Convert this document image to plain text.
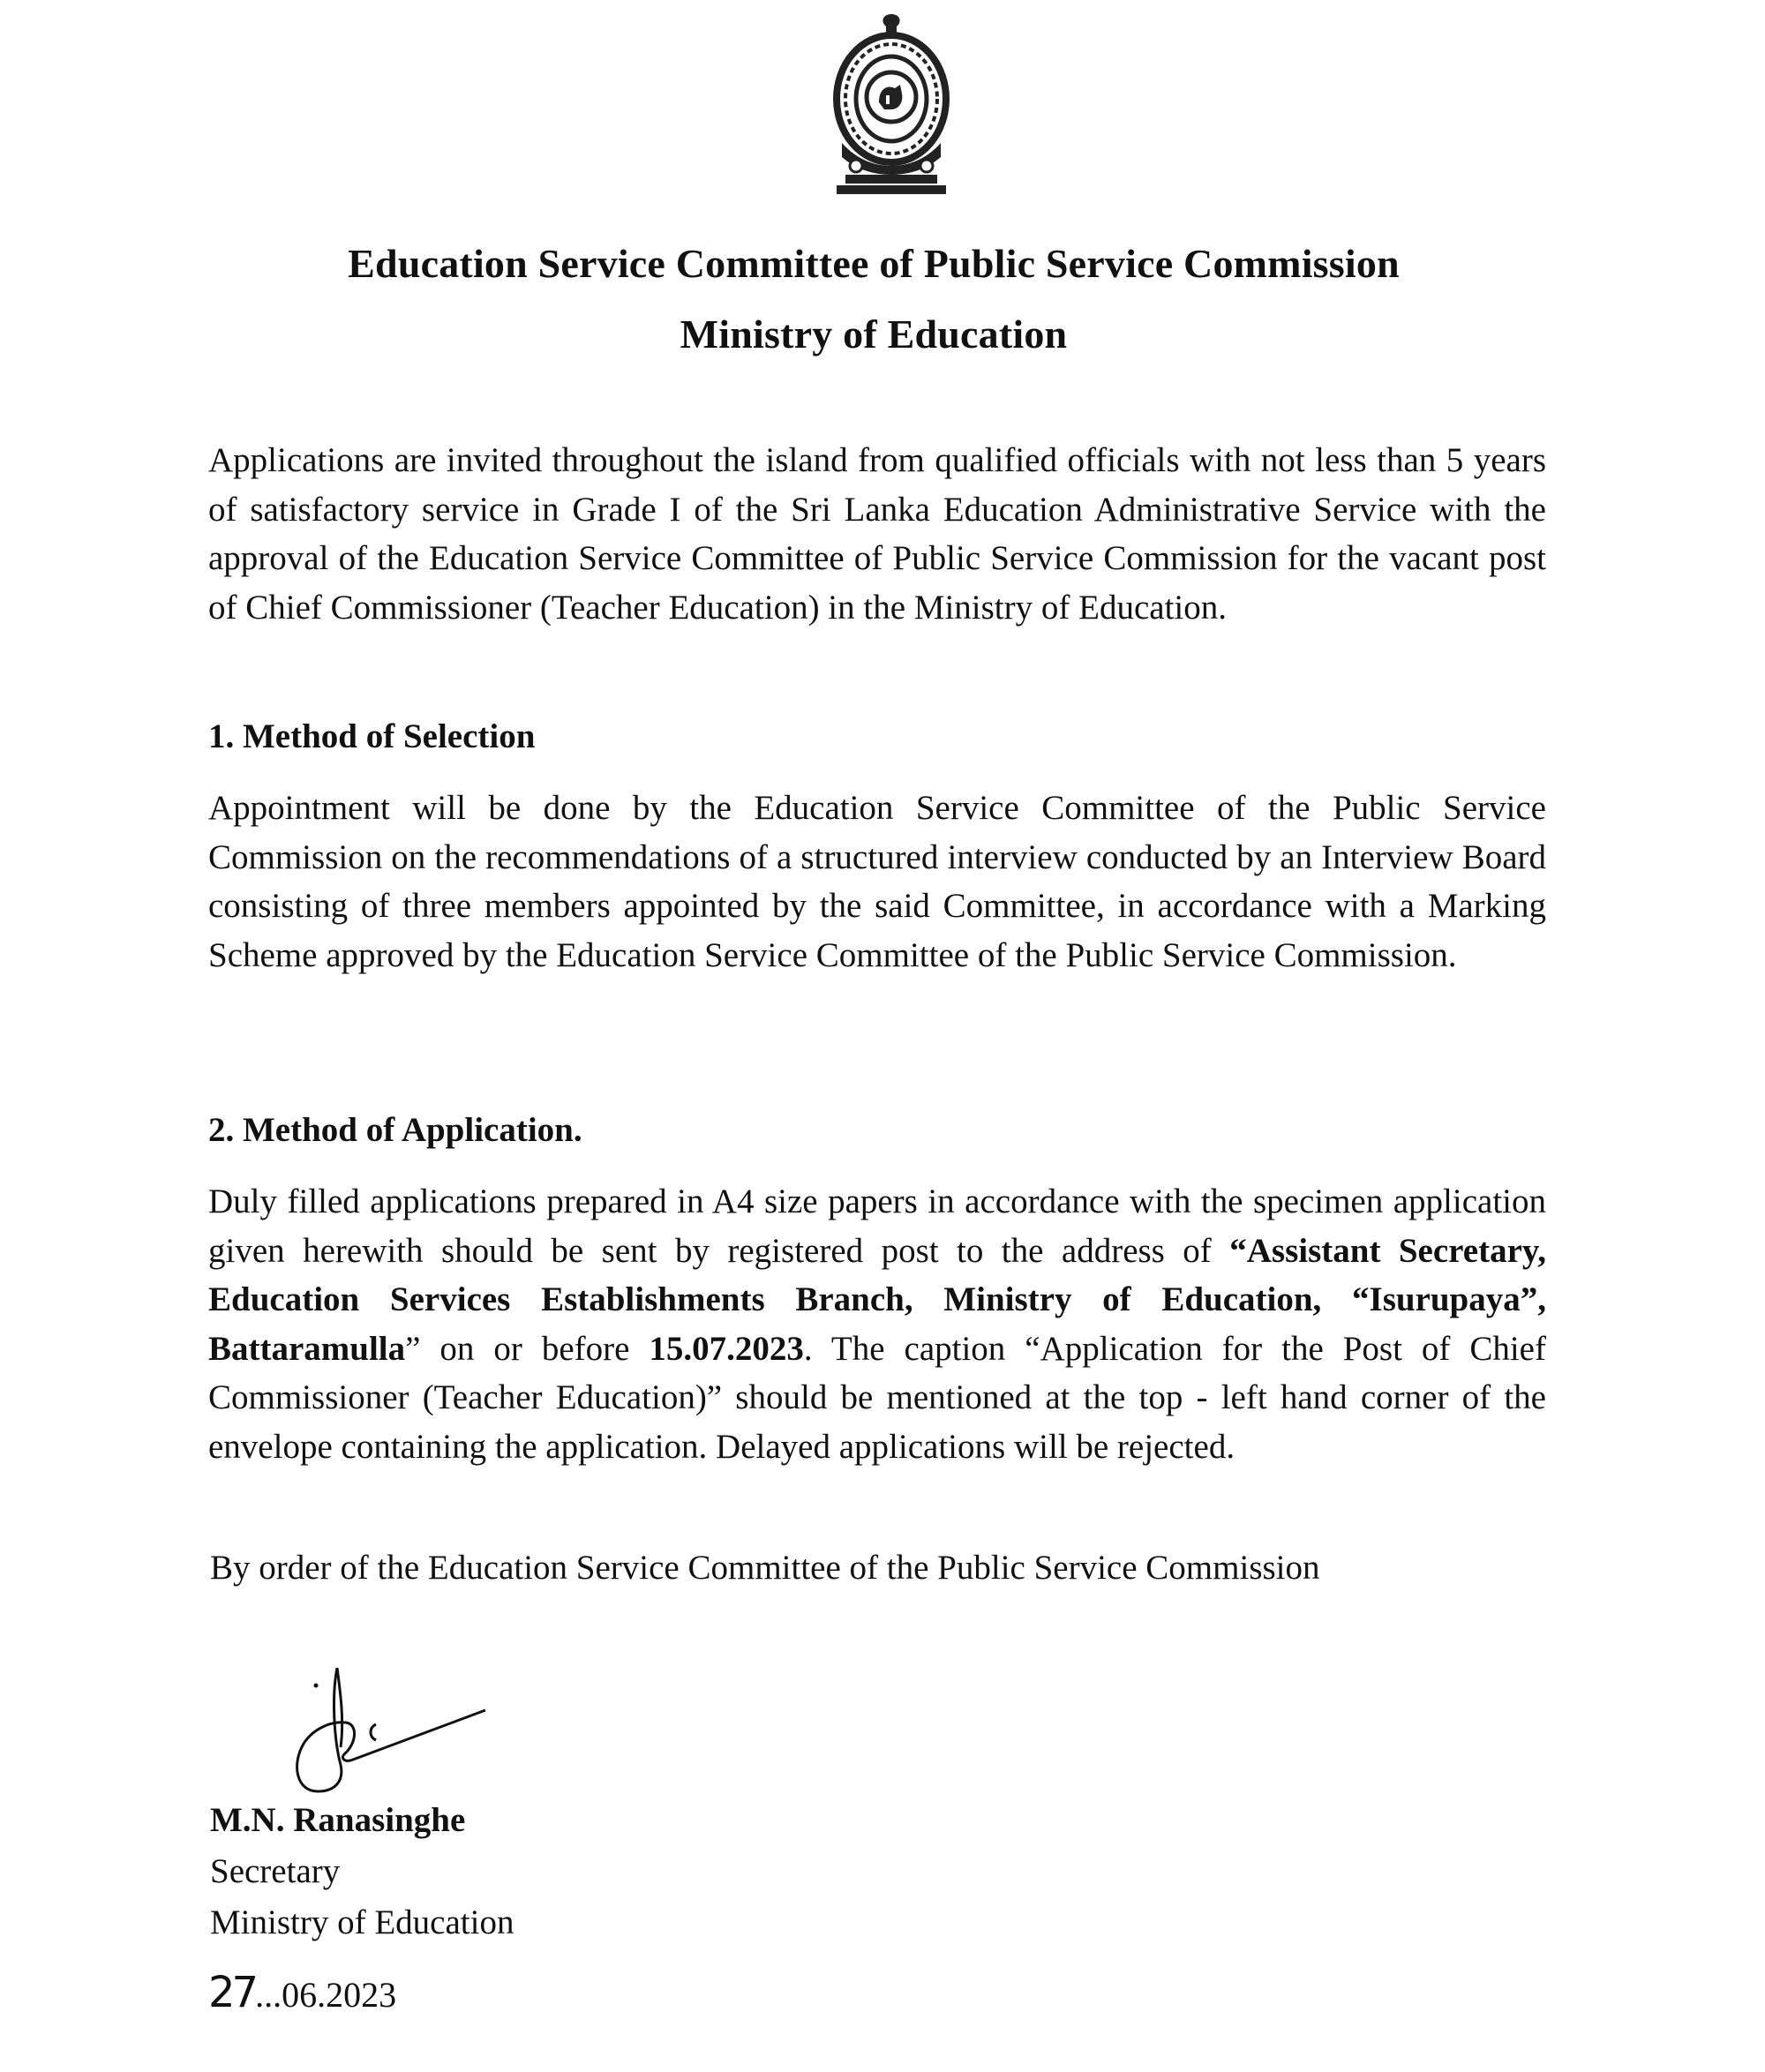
Education Service Committee of Public Service Commission
Ministry of Education

Applications are invited throughout the island from qualified officials with not less than 5 years of satisfactory service in Grade I of the Sri Lanka Education Administrative Service with the approval of the Education Service Committee of Public Service Commission for the vacant post of Chief Commissioner (Teacher Education) in the Ministry of Education.

1. Method of Selection

Appointment will be done by the Education Service Committee of the Public Service Commission on the recommendations of a structured interview conducted by an Interview Board consisting of three members appointed by the said Committee, in accordance with a Marking Scheme approved by the Education Service Committee of the Public Service Commission.

2. Method of Application.

Duly filled applications prepared in A4 size papers in accordance with the specimen application given herewith should be sent by registered post to the address of “Assistant Secretary, Education Services Establishments Branch, Ministry of Education, “Isurupaya”, Battaramulla” on or before 15.07.2023. The caption “Application for the Post of Chief Commissioner (Teacher Education)” should be mentioned at the top - left hand corner of the envelope containing the application. Delayed applications will be rejected.

By order of the Education Service Committee of the Public Service Commission

M.N. Ranasinghe

Secretary

Ministry of Education

27...06.2023
